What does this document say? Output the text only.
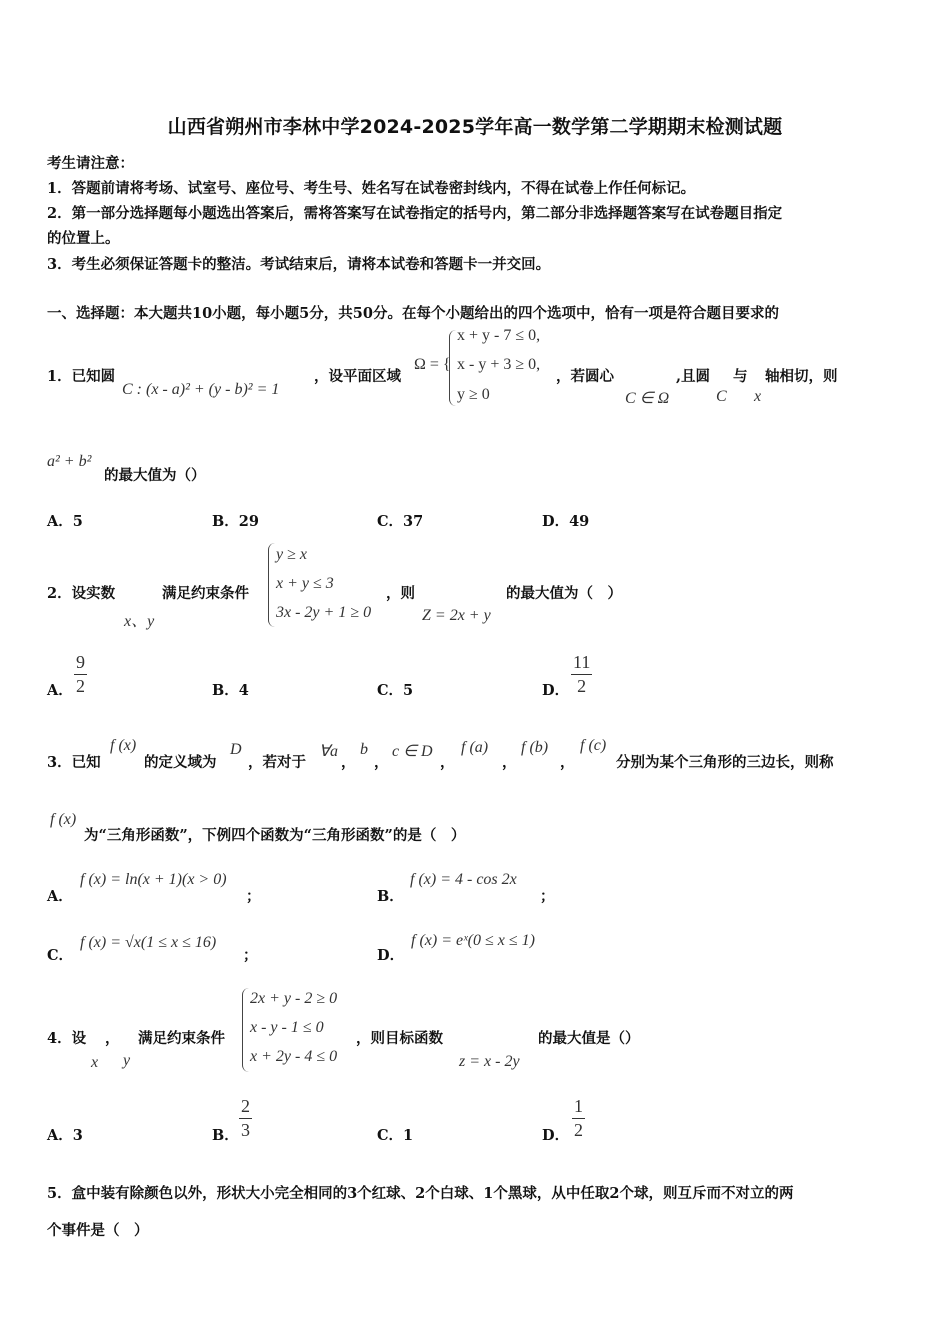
山西省朔州市李林中学2024-2025学年高一数学第二学期期末检测试题
考生请注意：
1．答题前请将考场、试室号、座位号、考生号、姓名写在试卷密封线内，不得在试卷上作任何标记。
2．第一部分选择题每小题选出答案后，需将答案写在试卷指定的括号内，第二部分非选择题答案写在试卷题目指定
的位置上。
3．考生必须保证答题卡的整洁。考试结束后，请将本试卷和答题卡一并交回。
一、选择题：本大题共10小题，每小题5分，共50分。在每个小题给出的四个选项中，恰有一项是符合题目要求的
x + y - 7 ≤ 0,
1．已知圆
C : (x - a)² + (y - b)² = 1
，设平面区域
Ω = { x - y + 3 ≥ 0,
y ≥ 0
，若圆心
C ∈ Ω
,且圆
C
与
x
轴相切，则
a² + b²
的最大值为（）
A．5	B．29	C．37	D．49
2．设实数
x、y
满足约束条件
y ≥ x
x + y ≤ 3
3x - 2y + 1 ≥ 0
，则
Z = 2x + y
的最大值为（　）
A．
9
2	B．4	C．5	D．
11
2
3．已知
f (x)
的定义域为
D
，若对于
∀a
，
b
，
c ∈ D
，
f (a)
，
f (b)
，
f (c)
分别为某个三角形的三边长，则称
f (x)
为“三角形函数”，下例四个函数为“三角形函数”的是（　）
A．
f (x) = ln(x + 1)(x > 0)
；	B．
f (x) = 4 - cos 2x
；
C．
f (x) = √x(1 ≤ x ≤ 16)
；	D．
f (x) = eˣ(0 ≤ x ≤ 1)
4．设
x
，
y
满足约束条件
2x + y - 2 ≥ 0
x - y - 1 ≤ 0
x + 2y - 4 ≤ 0
，则目标函数
z = x - 2y
的最大值是（）
A．3	B．
2
3	C．1	D．
1
2
5．盒中装有除颜色以外，形状大小完全相同的3个红球、2个白球、1个黑球，从中任取2个球，则互斥而不对立的两
个事件是（　）
